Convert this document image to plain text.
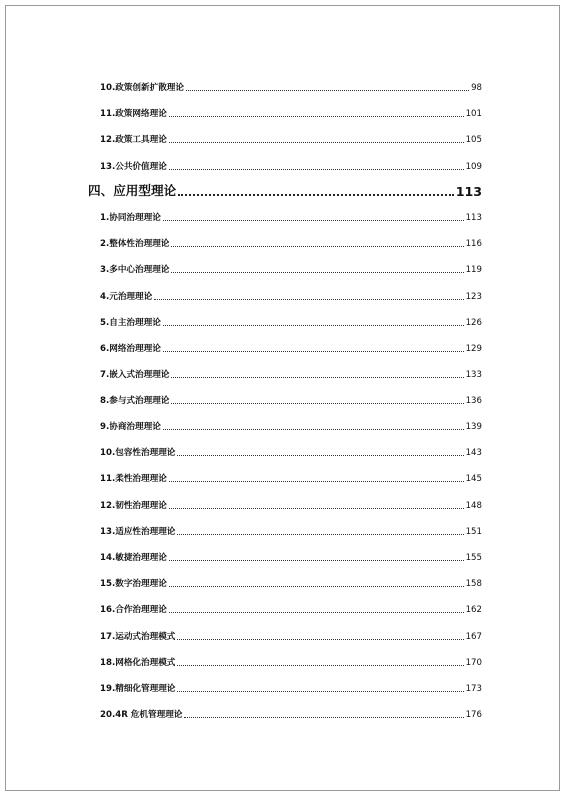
10.政策创新扩散理论	98
11.政策网络理论	101
12.政策工具理论	105
13.公共价值理论	109
四、应用型理论	113
1.协同治理理论	113
2.整体性治理理论	116
3.多中心治理理论	119
4.元治理理论	123
5.自主治理理论	126
6.网络治理理论	129
7.嵌入式治理理论	133
8.参与式治理理论	136
9.协商治理理论	139
10.包容性治理理论	143
11.柔性治理理论	145
12.韧性治理理论	148
13.适应性治理理论	151
14.敏捷治理理论	155
15.数字治理理论	158
16.合作治理理论	162
17.运动式治理模式	167
18.网格化治理模式	170
19.精细化管理理论	173
20.4R 危机管理理论	176
